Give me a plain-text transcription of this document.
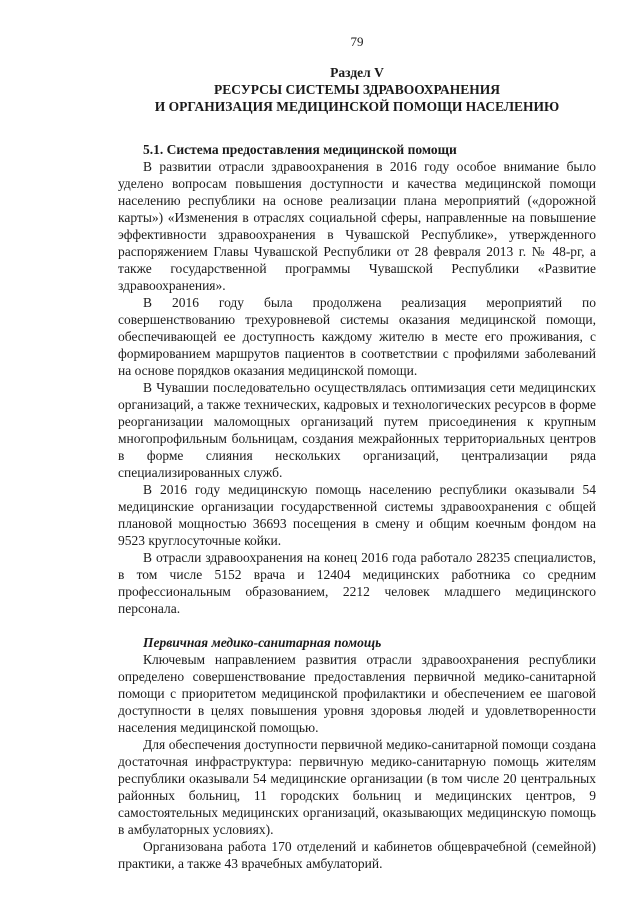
79
Раздел V
РЕСУРСЫ СИСТЕМЫ ЗДРАВООХРАНЕНИЯ
И ОРГАНИЗАЦИЯ МЕДИЦИНСКОЙ ПОМОЩИ НАСЕЛЕНИЮ
5.1. Система предоставления медицинской помощи

В развитии отрасли здравоохранения в 2016 году особое внимание было уделено вопросам повышения доступности и качества медицинской помощи населению республики на основе реализации плана мероприятий («дорожной карты») «Изменения в отраслях социальной сферы, направленные на повышение эффективности здравоохранения в Чувашской Республике», утвержденного распоряжением Главы Чувашской Республики от 28 февраля 2013 г. № 48-рг, а также государственной программы Чувашской Республики «Развитие здравоохранения».

В 2016 году была продолжена реализация мероприятий по совершенствованию трехуровневой системы оказания медицинской помощи, обеспечивающей ее доступность каждому жителю в месте его проживания, с формированием маршрутов пациентов в соответствии с профилями заболеваний на основе порядков оказания медицинской помощи.

В Чувашии последовательно осуществлялась оптимизация сети медицинских организаций, а также технических, кадровых и технологических ресурсов в форме реорганизации маломощных организаций путем присоединения к крупным многопрофильным больницам, создания межрайонных территориальных центров в форме слияния нескольких организаций, централизации ряда специализированных служб.

В 2016 году медицинскую помощь населению республики оказывали 54 медицинские организации государственной системы здравоохранения с общей плановой мощностью 36693 посещения в смену и общим коечным фондом на 9523 круглосуточные койки.

В отрасли здравоохранения на конец 2016 года работало 28235 специалистов, в том числе 5152 врача и 12404 медицинских работника со средним профессиональным образованием, 2212 человек младшего медицинского персонала.

Первичная медико-санитарная помощь

Ключевым направлением развития отрасли здравоохранения республики определено совершенствование предоставления первичной медико-санитарной помощи с приоритетом медицинской профилактики и обеспечением ее шаговой доступности в целях повышения уровня здоровья людей и удовлетворенности населения медицинской помощью.

Для обеспечения доступности первичной медико-санитарной помощи создана достаточная инфраструктура: первичную медико-санитарную помощь жителям республики оказывали 54 медицинские организации (в том числе 20 центральных районных больниц, 11 городских больниц и медицинских центров, 9 самостоятельных медицинских организаций, оказывающих медицинскую помощь в амбулаторных условиях).

Организована работа 170 отделений и кабинетов общеврачебной (семейной) практики, а также 43 врачебных амбулаторий.
